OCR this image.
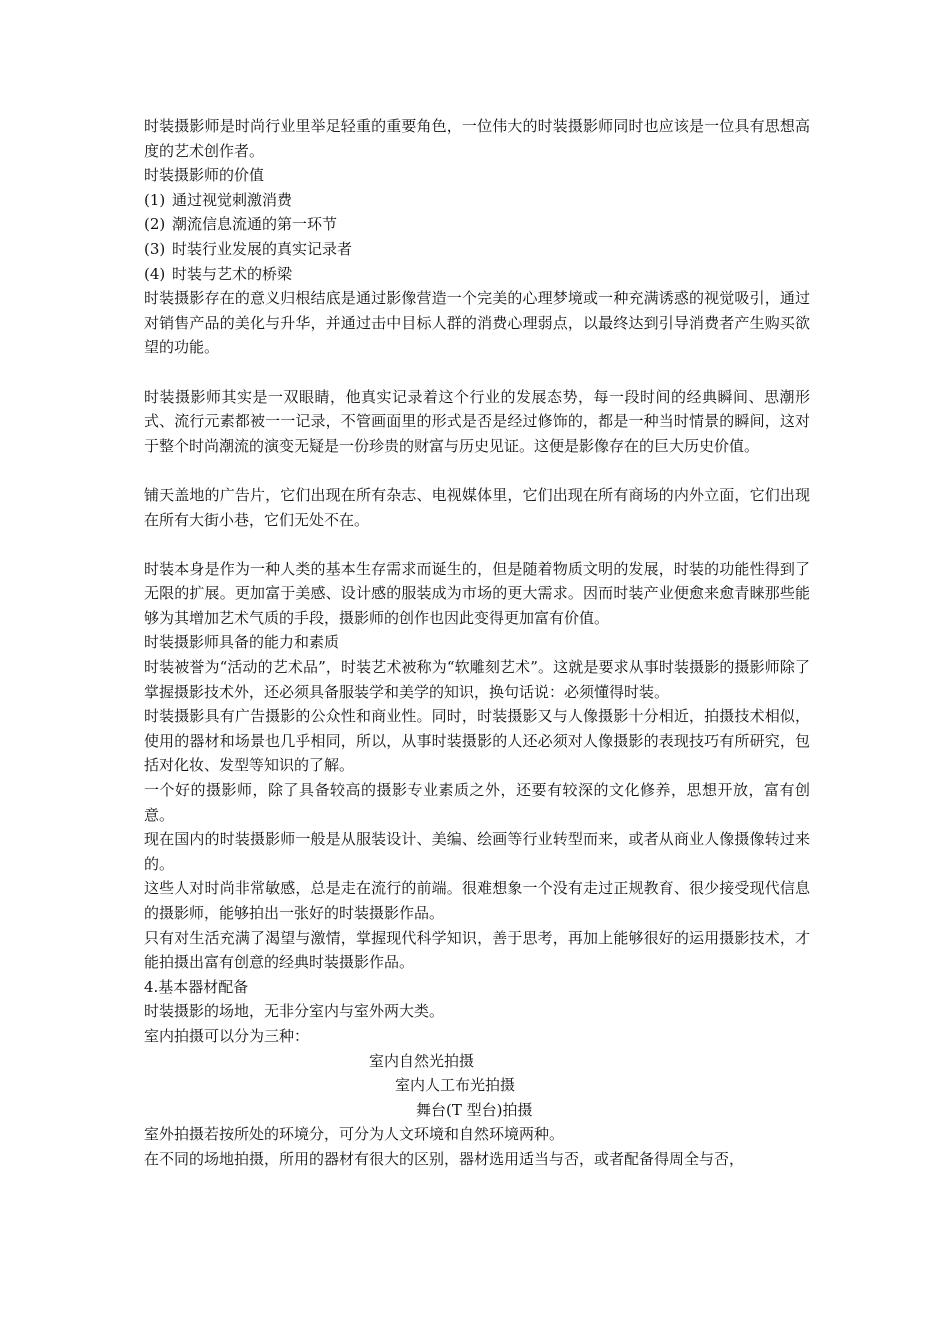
时装摄影师是时尚行业里举足轻重的重要角色，一位伟大的时装摄影师同时也应该是一位具有思想高度的艺术创作者。

时装摄影师的价值

(1) 通过视觉刺激消费
(2) 潮流信息流通的第一环节
(3) 时装行业发展的真实记录者
(4) 时装与艺术的桥梁

时装摄影存在的意义归根结底是通过影像营造一个完美的心理梦境或一种充满诱惑的视觉吸引，通过对销售产品的美化与升华，并通过击中目标人群的消费心理弱点，以最终达到引导消费者产生购买欲望的功能。

时装摄影师其实是一双眼睛，他真实记录着这个行业的发展态势，每一段时间的经典瞬间、思潮形式、流行元素都被一一记录，不管画面里的形式是否是经过修饰的，都是一种当时情景的瞬间，这对于整个时尚潮流的演变无疑是一份珍贵的财富与历史见证。这便是影像存在的巨大历史价值。

铺天盖地的广告片，它们出现在所有杂志、电视媒体里，它们出现在所有商场的内外立面，它们出现在所有大街小巷，它们无处不在。

时装本身是作为一种人类的基本生存需求而诞生的，但是随着物质文明的发展，时装的功能性得到了无限的扩展。更加富于美感、设计感的服装成为市场的更大需求。因而时装产业便愈来愈青睐那些能够为其增加艺术气质的手段，摄影师的创作也因此变得更加富有价值。

时装摄影师具备的能力和素质

时装被誉为“活动的艺术品”，时装艺术被称为“软雕刻艺术”。这就是要求从事时装摄影的摄影师除了掌握摄影技术外，还必须具备服装学和美学的知识，换句话说：必须懂得时装。

时装摄影具有广告摄影的公众性和商业性。同时，时装摄影又与人像摄影十分相近，拍摄技术相似，使用的器材和场景也几乎相同，所以，从事时装摄影的人还必须对人像摄影的表现技巧有所研究，包括对化妆、发型等知识的了解。

一个好的摄影师，除了具备较高的摄影专业素质之外，还要有较深的文化修养，思想开放，富有创意。

现在国内的时装摄影师一般是从服装设计、美编、绘画等行业转型而来，或者从商业人像摄像转过来的。

这些人对时尚非常敏感，总是走在流行的前端。很难想象一个没有走过正规教育、很少接受现代信息的摄影师，能够拍出一张好的时装摄影作品。

只有对生活充满了渴望与激情，掌握现代科学知识，善于思考，再加上能够很好的运用摄影技术，才能拍摄出富有创意的经典时装摄影作品。

4.基本器材配备

时装摄影的场地，无非分室内与室外两大类。

室内拍摄可以分为三种：

室内自然光拍摄

室内人工布光拍摄

舞台(T 型台)拍摄

室外拍摄若按所处的环境分，可分为人文环境和自然环境两种。

在不同的场地拍摄，所用的器材有很大的区别，器材选用适当与否，或者配备得周全与否，
